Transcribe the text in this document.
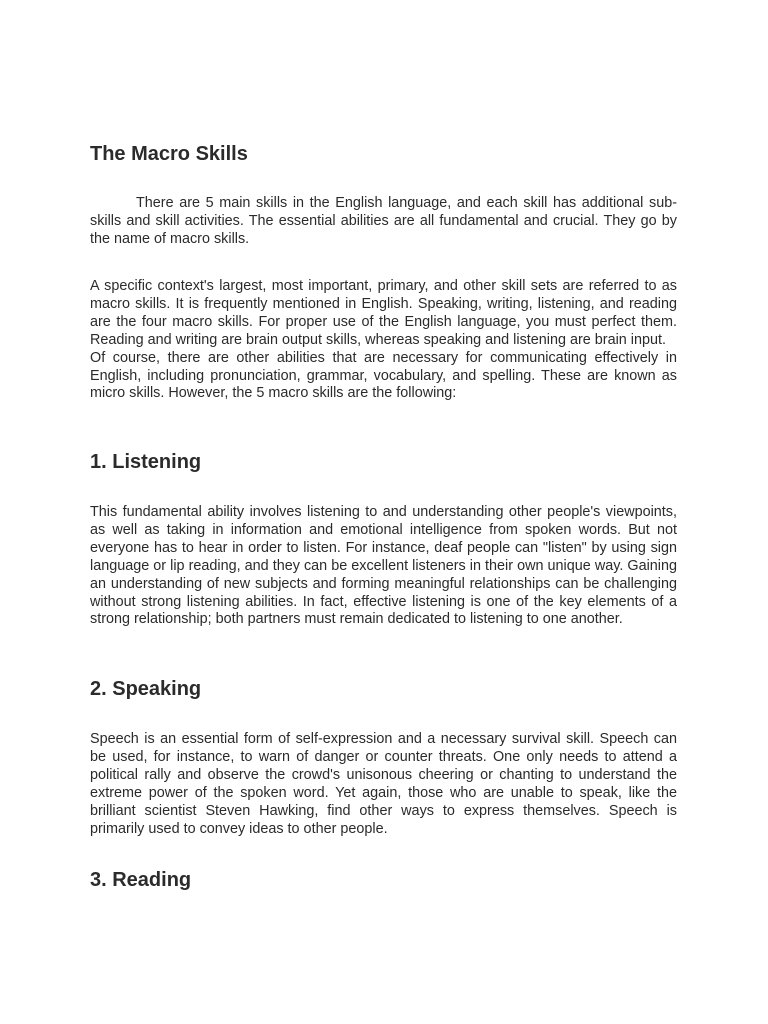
The Macro Skills

There are 5 main skills in the English language, and each skill has additional sub-skills and skill activities. The essential abilities are all fundamental and crucial. They go by the name of macro skills.

A specific context's largest, most important, primary, and other skill sets are referred to as macro skills. It is frequently mentioned in English. Speaking, writing, listening, and reading are the four macro skills. For proper use of the English language, you must perfect them. Reading and writing are brain output skills, whereas speaking and listening are brain input.
Of course, there are other abilities that are necessary for communicating effectively in English, including pronunciation, grammar, vocabulary, and spelling. These are known as micro skills. However, the 5 macro skills are the following:

1. Listening

This fundamental ability involves listening to and understanding other people's viewpoints, as well as taking in information and emotional intelligence from spoken words. But not everyone has to hear in order to listen. For instance, deaf people can "listen" by using sign language or lip reading, and they can be excellent listeners in their own unique way. Gaining an understanding of new subjects and forming meaningful relationships can be challenging without strong listening abilities. In fact, effective listening is one of the key elements of a strong relationship; both partners must remain dedicated to listening to one another.

2. Speaking

Speech is an essential form of self-expression and a necessary survival skill. Speech can be used, for instance, to warn of danger or counter threats. One only needs to attend a political rally and observe the crowd's unisonous cheering or chanting to understand the extreme power of the spoken word. Yet again, those who are unable to speak, like the brilliant scientist Steven Hawking, find other ways to express themselves. Speech is primarily used to convey ideas to other people.

3. Reading
